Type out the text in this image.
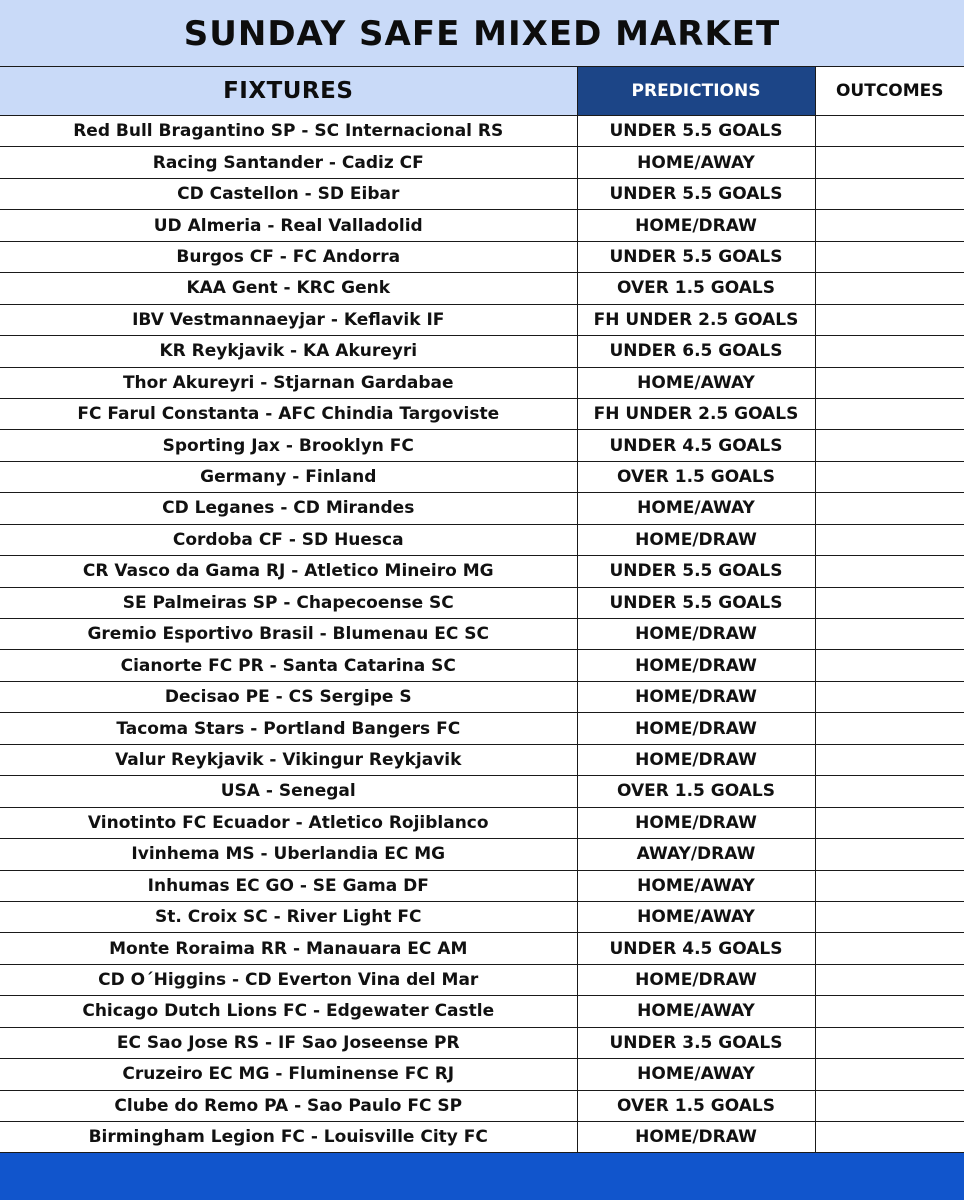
SUNDAY SAFE MIXED MARKET
FIXTURES	PREDICTIONS	OUTCOMES
Red Bull Bragantino SP - SC Internacional RS	UNDER 5.5 GOALS	
Racing Santander - Cadiz CF	HOME/AWAY	
CD Castellon - SD Eibar	UNDER 5.5 GOALS	
UD Almeria - Real Valladolid	HOME/DRAW	
Burgos CF - FC Andorra	UNDER 5.5 GOALS	
KAA Gent - KRC Genk	OVER 1.5 GOALS	
IBV Vestmannaeyjar - Keflavik IF	FH UNDER 2.5 GOALS	
KR Reykjavik - KA Akureyri	UNDER 6.5 GOALS	
Thor Akureyri - Stjarnan Gardabae	HOME/AWAY	
FC Farul Constanta - AFC Chindia Targoviste	FH UNDER 2.5 GOALS	
Sporting Jax - Brooklyn FC	UNDER 4.5 GOALS	
Germany - Finland	OVER 1.5 GOALS	
CD Leganes - CD Mirandes	HOME/AWAY	
Cordoba CF - SD Huesca	HOME/DRAW	
CR Vasco da Gama RJ - Atletico Mineiro MG	UNDER 5.5 GOALS	
SE Palmeiras SP - Chapecoense SC	UNDER 5.5 GOALS	
Gremio Esportivo Brasil - Blumenau EC SC	HOME/DRAW	
Cianorte FC PR - Santa Catarina SC	HOME/DRAW	
Decisao PE - CS Sergipe S	HOME/DRAW	
Tacoma Stars - Portland Bangers FC	HOME/DRAW	
Valur Reykjavik - Vikingur Reykjavik	HOME/DRAW	
USA - Senegal	OVER 1.5 GOALS	
Vinotinto FC Ecuador - Atletico Rojiblanco	HOME/DRAW	
Ivinhema MS - Uberlandia EC MG	AWAY/DRAW	
Inhumas EC GO - SE Gama DF	HOME/AWAY	
St. Croix SC - River Light FC	HOME/AWAY	
Monte Roraima RR - Manauara EC AM	UNDER 4.5 GOALS	
CD O´Higgins - CD Everton Vina del Mar	HOME/DRAW	
Chicago Dutch Lions FC - Edgewater Castle	HOME/AWAY	
EC Sao Jose RS - IF Sao Joseense PR	UNDER 3.5 GOALS	
Cruzeiro EC MG - Fluminense FC RJ	HOME/AWAY	
Clube do Remo PA - Sao Paulo FC SP	OVER 1.5 GOALS	
Birmingham Legion FC - Louisville City FC	HOME/DRAW	
